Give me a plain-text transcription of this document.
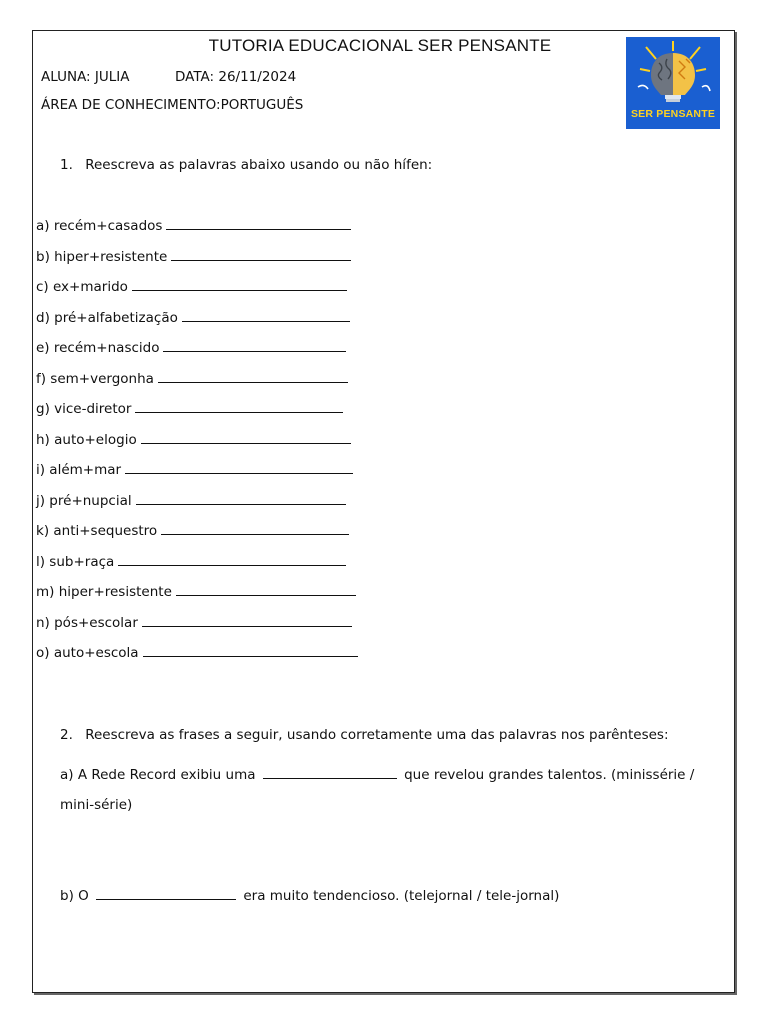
TUTORIA EDUCACIONAL SER PENSANTE
ALUNA: JULIA	DATA: 26/11/2024
ÁREA DE CONHECIMENTO:PORTUGUÊS
SER PENSANTE
1. Reescreva as palavras abaixo usando ou não hífen:
a) recém+casados
b) hiper+resistente
c) ex+marido
d) pré+alfabetização
e) recém+nascido
f) sem+vergonha
g) vice-diretor
h) auto+elogio
i) além+mar
j) pré+nupcial
k) anti+sequestro
l) sub+raça
m) hiper+resistente
n) pós+escolar
o) auto+escola
2. Reescreva as frases a seguir, usando corretamente uma das palavras nos parênteses:
a) A Rede Record exibiu uma	que revelou grandes talentos. (minissérie / mini-série)
b) O	era muito tendencioso. (telejornal / tele-jornal)
